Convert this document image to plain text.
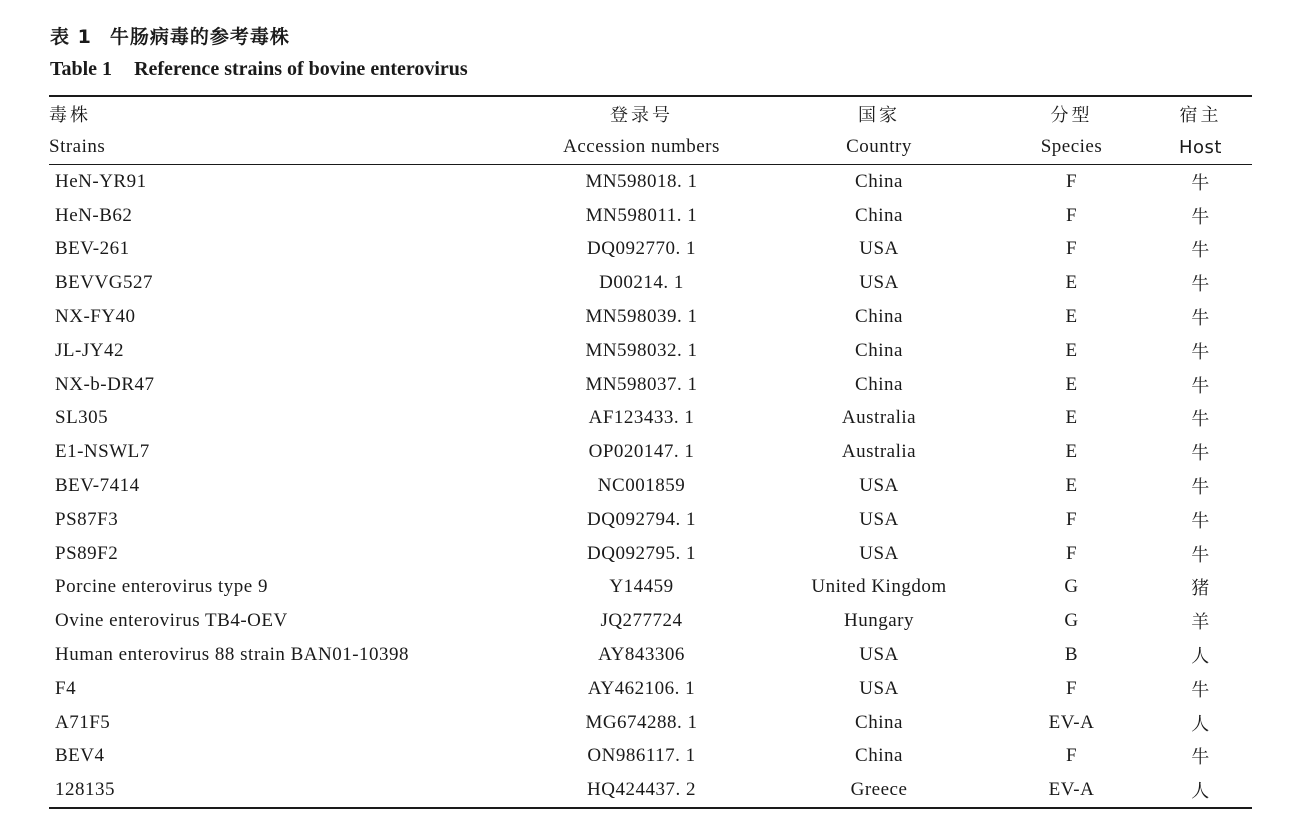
表 1 牛肠病毒的参考毒株
Table 1 Reference strains of bovine enterovirus
毒株	登录号	国家	分型	宿主
Strains	Accession numbers	Country	Species	Host
HeN-YR91	MN598018. 1	China	F	牛
HeN-B62	MN598011. 1	China	F	牛
BEV-261	DQ092770. 1	USA	F	牛
BEVVG527	D00214. 1	USA	E	牛
NX-FY40	MN598039. 1	China	E	牛
JL-JY42	MN598032. 1	China	E	牛
NX-b-DR47	MN598037. 1	China	E	牛
SL305	AF123433. 1	Australia	E	牛
E1-NSWL7	OP020147. 1	Australia	E	牛
BEV-7414	NC001859	USA	E	牛
PS87F3	DQ092794. 1	USA	F	牛
PS89F2	DQ092795. 1	USA	F	牛
Porcine enterovirus type 9	Y14459	United Kingdom	G	猪
Ovine enterovirus TB4-OEV	JQ277724	Hungary	G	羊
Human enterovirus 88 strain BAN01-10398	AY843306	USA	B	人
F4	AY462106. 1	USA	F	牛
A71F5	MG674288. 1	China	EV-A	人
BEV4	ON986117. 1	China	F	牛
128135	HQ424437. 2	Greece	EV-A	人
